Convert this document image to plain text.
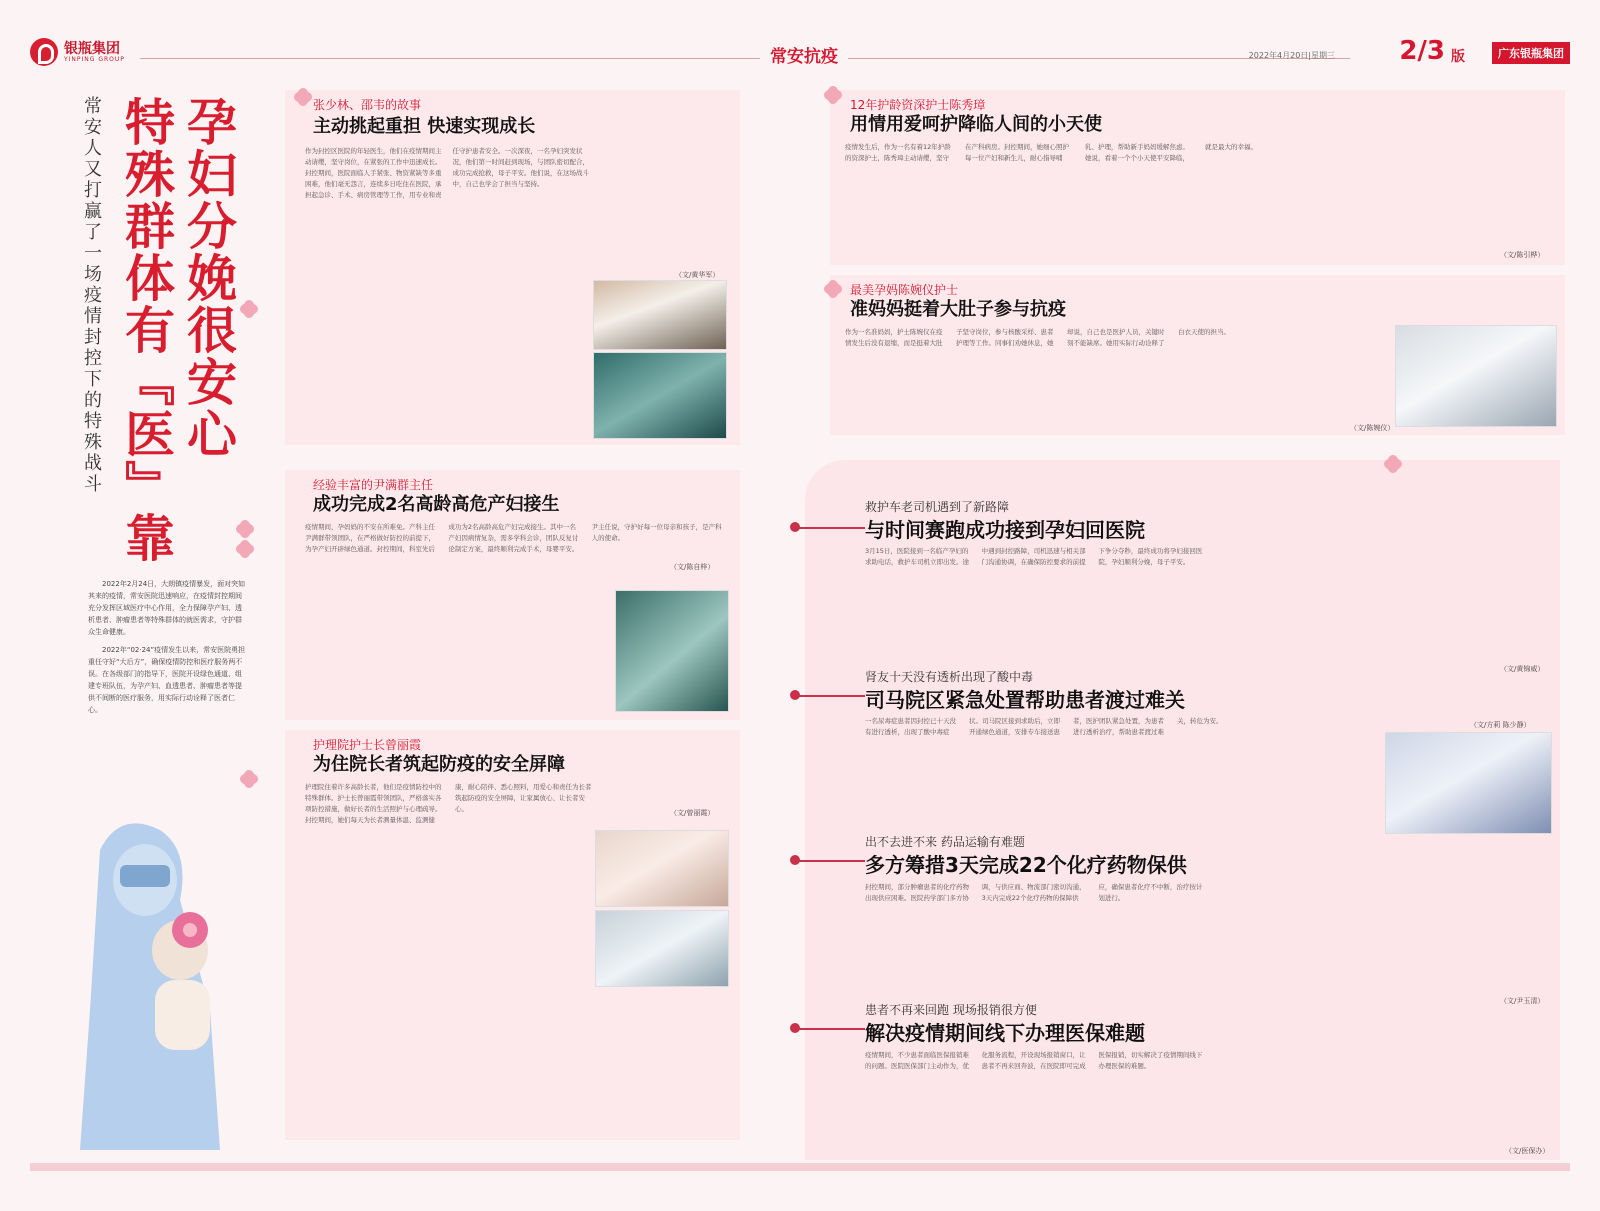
银瓶集团
YINPING GROUP	常安抗疫	2022年4月20日|星期三 2/3 版	广东银瓶集团
孕妇分娩很安心
特殊群体有『医』靠
常安人又打赢了一场疫情封控下的特殊战斗

2022年2月24日，大朗镇疫情暴发，面对突如其来的疫情，常安医院迅速响应，在疫情封控期间充分发挥区域医疗中心作用，全力保障孕产妇、透析患者、肿瘤患者等特殊群体的就医需求，守护群众生命健康。

2022年“02·24”疫情发生以来，常安医院勇担重任守好“大后方”，确保疫情防控和医疗服务两不误。在各级部门的指导下，医院开设绿色通道、组建专班队伍，为孕产妇、血透患者、肿瘤患者等提供不间断的医疗服务，用实际行动诠释了医者仁心。

张少林、邵韦的故事
主动挑起重担 快速实现成长
作为封控区医院的年轻医生，他们在疫情期间主动请缨，坚守岗位，在紧张的工作中迅速成长。封控期间，医院面临人手紧张、物资紧缺等多重困难，他们毫无怨言，连续多日吃住在医院，承担起急诊、手术、病房管理等工作，用专业和责任守护患者安全。一次深夜，一名孕妇突发状况，他们第一时间赶到现场，与团队密切配合，成功完成抢救，母子平安。他们说，在这场战斗中，自己也学会了担当与坚持。
（文/黄华军）
经验丰富的尹满群主任
成功完成2名高龄高危产妇接生
疫情期间，孕妈妈的不安在所难免。产科主任尹满群带领团队，在严格做好防控的前提下，为孕产妇开辟绿色通道。封控期间，科室先后成功为2名高龄高危产妇完成接生。其中一名产妇因病情复杂，需多学科会诊，团队反复讨论制定方案，最终顺利完成手术，母婴平安。尹主任说，守护好每一位母亲和孩子，是产科人的使命。
（文/陈自梓）
护理院护士长曾丽霞
为住院长者筑起防疫的安全屏障
护理院住着许多高龄长者，他们是疫情防控中的特殊群体。护士长曾丽霞带领团队，严格落实各项防控措施，做好长者的生活照护与心理疏导。封控期间，她们每天为长者测量体温、监测健康，耐心陪伴、悉心照料，用爱心和责任为长者筑起防疫的安全屏障，让家属放心、让长者安心。	（文/曾丽霞）
12年护龄资深护士陈秀璋
用情用爱呵护降临人间的小天使
疫情发生后，作为一名有着12年护龄的资深护士，陈秀璋主动请缨，坚守在产科病房。封控期间，她细心照护每一位产妇和新生儿，耐心指导哺乳、护理，帮助新手妈妈缓解焦虑。她说，看着一个个小天使平安降临，就是最大的幸福。
（文/陈引桦）
最美孕妈陈婉仪护士
准妈妈挺着大肚子参与抗疫
作为一名准妈妈，护士陈婉仪在疫情发生后没有退缩，而是挺着大肚子坚守岗位，参与核酸采样、患者护理等工作。同事们劝她休息，她却说，自己也是医护人员，关键时刻不能缺席。她用实际行动诠释了白衣天使的担当。
（文/陈婉仪）
救护车老司机遇到了新路障
与时间赛跑成功接到孕妇回医院
3月15日，医院接到一名临产孕妇的求助电话，救护车司机立即出发。途中遇到封控路障，司机迅速与相关部门沟通协调，在确保防控要求的前提下争分夺秒，最终成功将孕妇接回医院，孕妇顺利分娩，母子平安。
（文/黄锦威）
肾友十天没有透析出现了酸中毒
司马院区紧急处置帮助患者渡过难关
一名尿毒症患者因封控已十天没有进行透析，出现了酸中毒症状。司马院区接到求助后，立即开通绿色通道，安排专车接送患者，医护团队紧急处置，为患者进行透析治疗，帮助患者渡过难关，转危为安。	（文/方莉 陈少静）
出不去进不来 药品运输有难题
多方筹措3天完成22个化疗药物保供
封控期间，部分肿瘤患者的化疗药物出现供应困难。医院药学部门多方协调，与供应商、物流部门密切沟通，3天内完成22个化疗药物的保障供应，确保患者化疗不中断，治疗按计划进行。
（文/尹玉清）
患者不再来回跑 现场报销很方便
解决疫情期间线下办理医保难题
疫情期间，不少患者面临医保报销难的问题。医院医保部门主动作为，优化服务流程，开设现场报销窗口，让患者不再来回奔波，在医院即可完成医保报销，切实解决了疫情期间线下办理医保的难题。
（文/医保办）
